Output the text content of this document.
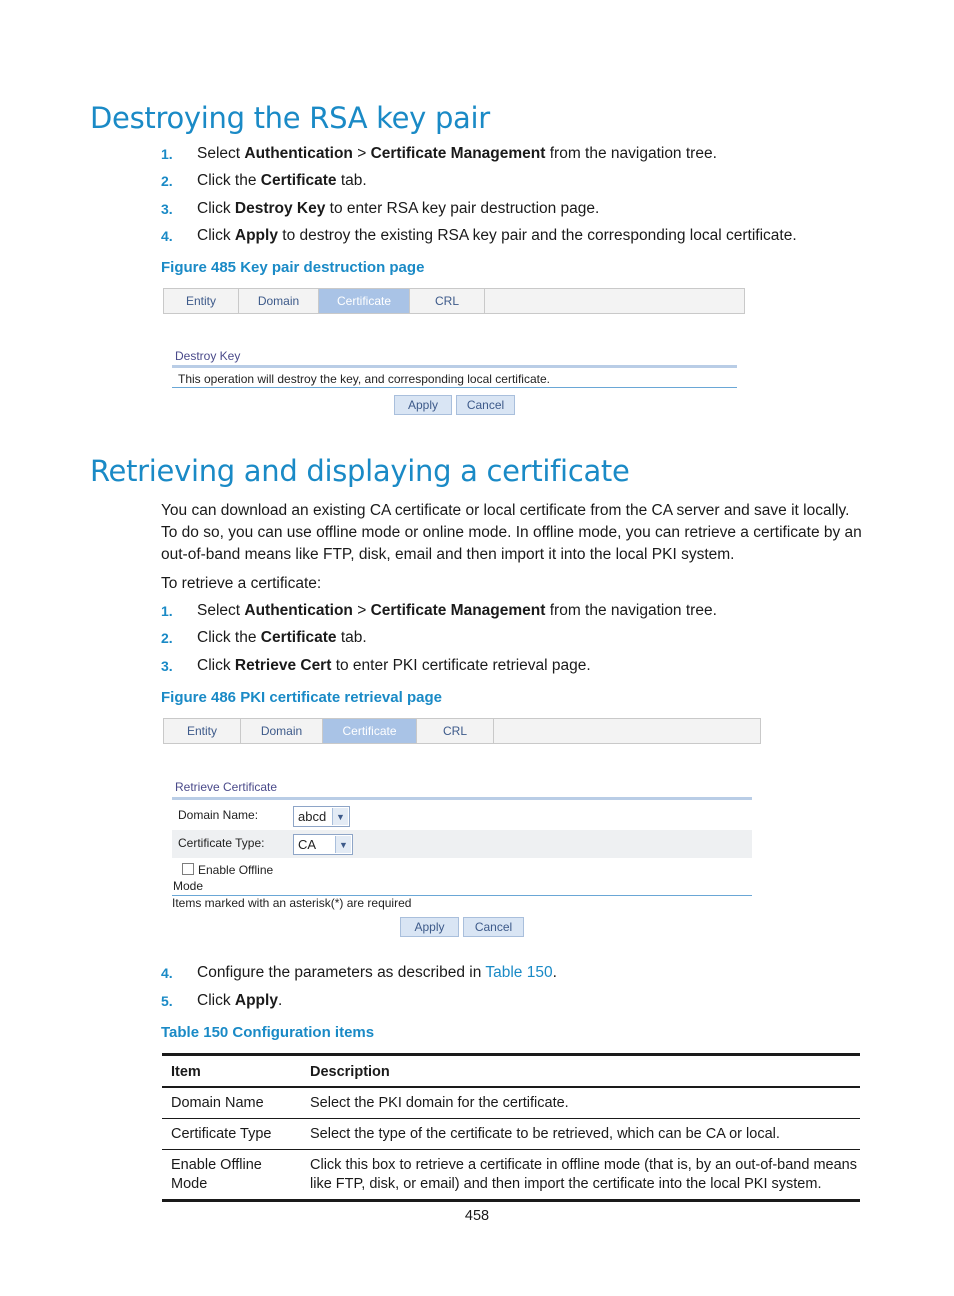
Destroying the RSA key pair
1. Select Authentication > Certificate Management from the navigation tree.
2. Click the Certificate tab.
3. Click Destroy Key to enter RSA key pair destruction page.
4. Click Apply to destroy the existing RSA key pair and the corresponding local certificate.
Figure 485 Key pair destruction page
Entity	Domain	Certificate	CRL
Destroy Key
This operation will destroy the key, and corresponding local certificate.
Apply	Cancel
Retrieving and displaying a certificate

You can download an existing CA certificate or local certificate from the CA server and save it locally. To do so, you can use offline mode or online mode. In offline mode, you can retrieve a certificate by an out-of-band means like FTP, disk, email and then import it into the local PKI system.

To retrieve a certificate:
1. Select Authentication > Certificate Management from the navigation tree.
2. Click the Certificate tab.
3. Click Retrieve Cert to enter PKI certificate retrieval page.
Figure 486 PKI certificate retrieval page
Entity	Domain	Certificate	CRL
Retrieve Certificate
Domain Name:	abcd	▼
Certificate Type:	CA	▼
Enable Offline
Mode
Items marked with an asterisk(*) are required
Apply	Cancel
4. Configure the parameters as described in Table 150.
5. Click Apply.
Table 150 Configuration items
Item	Description
Domain Name	Select the PKI domain for the certificate.
Certificate Type	Select the type of the certificate to be retrieved, which can be CA or local.
Enable Offline Mode	Click this box to retrieve a certificate in offline mode (that is, by an out-of-band means like FTP, disk, or email) and then import the certificate into the local PKI system.
458
